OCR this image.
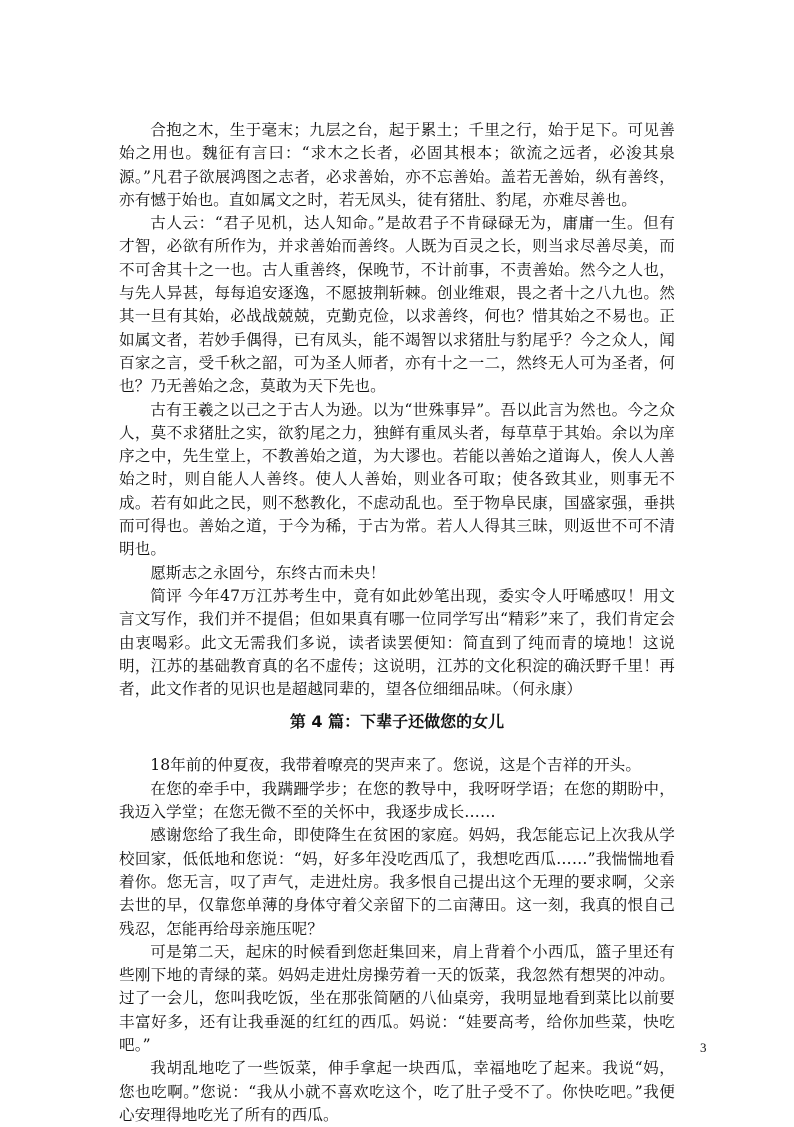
合抱之木，生于毫末；九层之台，起于累土；千里之行，始于足下。可见善始之用也。魏征有言曰：“求木之长者，必固其根本；欲流之远者，必浚其泉源。”凡君子欲展鸿图之志者，必求善始，亦不忘善始。盖若无善始，纵有善终，亦有憾于始也。直如属文之时，若无凤头，徒有猪肚、豹尾，亦难尽善也。

古人云：“君子见机，达人知命。”是故君子不肯碌碌无为，庸庸一生。但有才智，必欲有所作为，并求善始而善终。人既为百灵之长，则当求尽善尽美，而不可舍其十之一也。古人重善终，保晚节，不计前事，不责善始。然今之人也，与先人异甚，每每追安逐逸，不愿披荆斩棘。创业维艰，畏之者十之八九也。然其一旦有其始，必战战兢兢，克勤克俭，以求善终，何也？惜其始之不易也。正如属文者，若妙手偶得，已有凤头，能不竭智以求猪肚与豹尾乎？今之众人，闻百家之言，受千秋之韶，可为圣人师者，亦有十之一二，然终无人可为圣者，何也？乃无善始之念，莫敢为天下先也。

古有王羲之以己之于古人为逊。以为“世殊事异”。吾以此言为然也。今之众人，莫不求猪肚之实，欲豹尾之力，独鲜有重凤头者，每草草于其始。余以为庠序之中，先生堂上，不教善始之道，为大谬也。若能以善始之道诲人，俟人人善始之时，则自能人人善终。使人人善始，则业各可取；使各致其业，则事无不成。若有如此之民，则不愁教化，不虑动乱也。至于物阜民康，国盛家强，垂拱而可得也。善始之道，于今为稀，于古为常。若人人得其三昧，则返世不可不清明也。

愿斯志之永固兮，东终古而未央！

简评 今年47万江苏考生中，竟有如此妙笔出现，委实令人吁唏感叹！用文言文写作，我们并不提倡；但如果真有哪一位同学写出“精彩”来了，我们肯定会由衷喝彩。此文无需我们多说，读者读罢便知：简直到了纯而青的境地！这说明，江苏的基础教育真的名不虚传；这说明，江苏的文化积淀的确沃野千里！再者，此文作者的见识也是超越同辈的，望各位细细品味。（何永康）

第 4 篇：下辈子还做您的女儿

18年前的仲夏夜，我带着嘹亮的哭声来了。您说，这是个吉祥的开头。

在您的牵手中，我蹒跚学步；在您的教导中，我呀呀学语；在您的期盼中，我迈入学堂；在您无微不至的关怀中，我逐步成长……

感谢您给了我生命，即使降生在贫困的家庭。妈妈，我怎能忘记上次我从学校回家，低低地和您说：“妈，好多年没吃西瓜了，我想吃西瓜……”我惴惴地看着你。您无言，叹了声气，走进灶房。我多恨自己提出这个无理的要求啊，父亲去世的早，仅靠您单薄的身体守着父亲留下的二亩薄田。这一刻，我真的恨自己残忍，怎能再给母亲施压呢？

可是第二天，起床的时候看到您赶集回来，肩上背着个小西瓜，篮子里还有些刚下地的青绿的菜。妈妈走进灶房操劳着一天的饭菜，我忽然有想哭的冲动。过了一会儿，您叫我吃饭，坐在那张简陋的八仙桌旁，我明显地看到菜比以前要丰富好多，还有让我垂涎的红红的西瓜。妈说：“娃要高考，给你加些菜，快吃吧。”

我胡乱地吃了一些饭菜，伸手拿起一块西瓜，幸福地吃了起来。我说“妈，您也吃啊。”您说：“我从小就不喜欢吃这个，吃了肚子受不了。你快吃吧。”我便心安理得地吃光了所有的西瓜。

3
